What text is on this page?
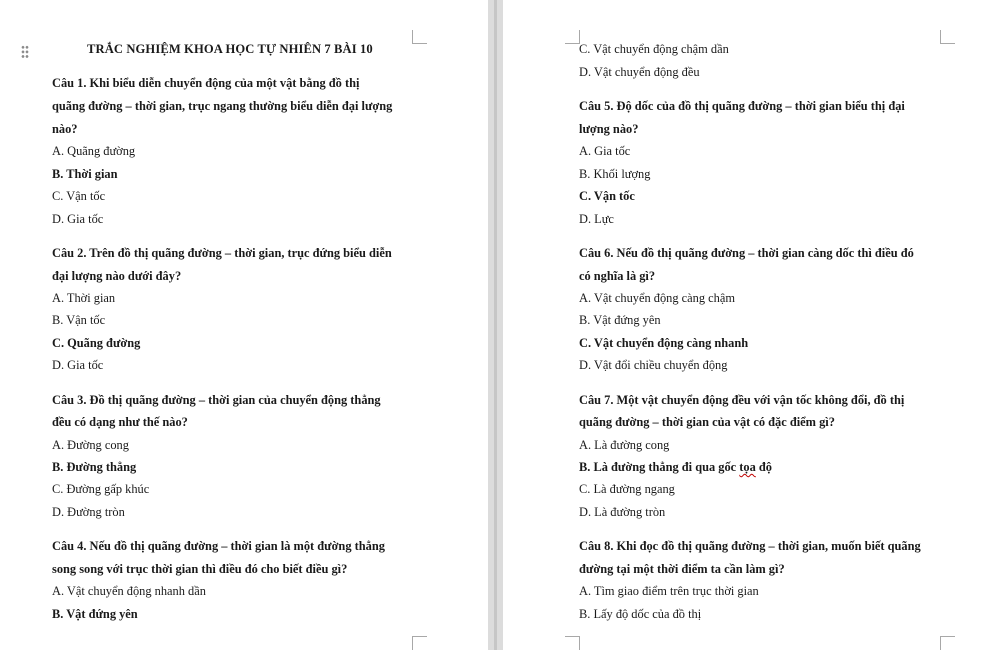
TRẮC NGHIỆM KHOA HỌC TỰ NHIÊN 7 BÀI 10
Câu 1. Khi biểu diễn chuyển động của một vật bằng đồ thị
quãng đường – thời gian, trục ngang thường biểu diễn đại lượng
nào?
A. Quãng đường
B. Thời gian
C. Vận tốc
D. Gia tốc
Câu 2. Trên đồ thị quãng đường – thời gian, trục đứng biểu diễn
đại lượng nào dưới đây?
A. Thời gian
B. Vận tốc
C. Quãng đường
D. Gia tốc
Câu 3. Đồ thị quãng đường – thời gian của chuyển động thẳng
đều có dạng như thế nào?
A. Đường cong
B. Đường thẳng
C. Đường gấp khúc
D. Đường tròn
Câu 4. Nếu đồ thị quãng đường – thời gian là một đường thẳng
song song với trục thời gian thì điều đó cho biết điều gì?
A. Vật chuyển động nhanh dần
B. Vật đứng yên
C. Vật chuyển động chậm dần
D. Vật chuyển động đều
Câu 5. Độ dốc của đồ thị quãng đường – thời gian biểu thị đại
lượng nào?
A. Gia tốc
B. Khối lượng
C. Vận tốc
D. Lực
Câu 6. Nếu đồ thị quãng đường – thời gian càng dốc thì điều đó
có nghĩa là gì?
A. Vật chuyển động càng chậm
B. Vật đứng yên
C. Vật chuyển động càng nhanh
D. Vật đổi chiều chuyển động
Câu 7. Một vật chuyển động đều với vận tốc không đổi, đồ thị
quãng đường – thời gian của vật có đặc điểm gì?
A. Là đường cong
B. Là đường thẳng đi qua gốc tọa độ
C. Là đường ngang
D. Là đường tròn
Câu 8. Khi đọc đồ thị quãng đường – thời gian, muốn biết quãng
đường tại một thời điểm ta cần làm gì?
A. Tìm giao điểm trên trục thời gian
B. Lấy độ dốc của đồ thị
